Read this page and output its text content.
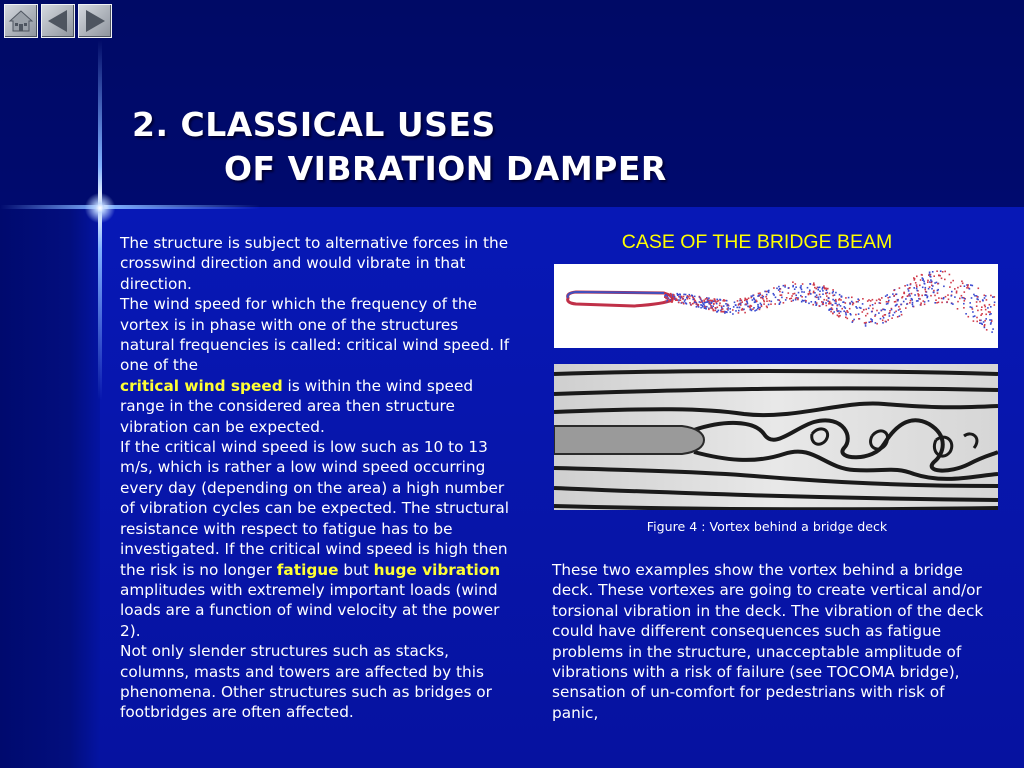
2. CLASSICAL USES
OF VIBRATION DAMPER

The structure is subject to alternative forces in the crosswind direction and would vibrate in that direction.

The wind speed for which the frequency of the vortex is in phase with one of the structures natural frequencies is called: critical wind speed. If one of the
critical wind speed is within the wind speed range in the considered area then structure vibration can be expected.

If the critical wind speed is low such as 10 to 13 m/s, which is rather a low wind speed occurring every day (depending on the area) a high number of vibration cycles can be expected. The structural resistance with respect to fatigue has to be investigated. If the critical wind speed is high then the risk is no longer fatigue but huge vibration amplitudes with extremely important loads (wind loads are a function of wind velocity at the power 2).

Not only slender structures such as stacks, columns, masts and towers are affected by this phenomena. Other structures such as bridges or footbridges are often affected.

CASE OF THE BRIDGE BEAM
Figure 4 : Vortex behind a bridge deck

These two examples show the vortex behind a bridge deck. These vortexes are going to create vertical and/or torsional vibration in the deck. The vibration of the deck could have different consequences such as fatigue problems in the structure, unacceptable amplitude of vibrations with a risk of failure (see TOCOMA bridge), sensation of un-comfort for pedestrians with risk of panic,
